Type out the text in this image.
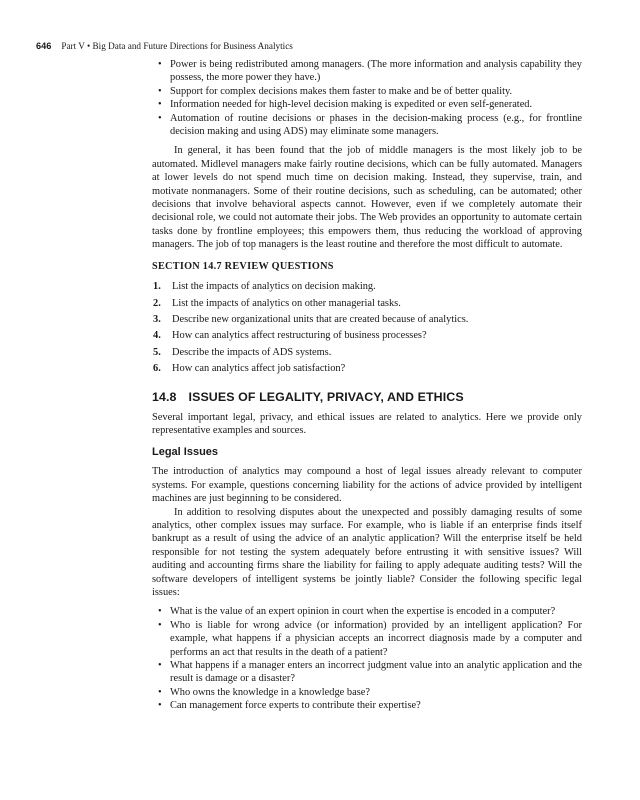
646 Part V • Big Data and Future Directions for Business Analytics
• Power is being redistributed among managers. (The more information and analysis capability they possess, the more power they have.)
• Support for complex decisions makes them faster to make and be of better quality.
• Information needed for high-level decision making is expedited or even self-generated.
• Automation of routine decisions or phases in the decision-making process (e.g., for frontline decision making and using ADS) may eliminate some managers.

In general, it has been found that the job of middle managers is the most likely job to be automated. Midlevel managers make fairly routine decisions, which can be fully automated. Managers at lower levels do not spend much time on decision making. Instead, they supervise, train, and motivate nonmanagers. Some of their routine decisions, such as scheduling, can be automated; other decisions that involve behavioral aspects cannot. However, even if we completely automate their decisional role, we could not automate their jobs. The Web provides an opportunity to automate certain tasks done by frontline employees; this empowers them, thus reducing the workload of approving managers. The job of top managers is the least routine and therefore the most difficult to automate.

SECTION 14.7 REVIEW QUESTIONS
1. List the impacts of analytics on decision making.
2. List the impacts of analytics on other managerial tasks.
3. Describe new organizational units that are created because of analytics.
4. How can analytics affect restructuring of business processes?
5. Describe the impacts of ADS systems.
6. How can analytics affect job satisfaction?
14.8 ISSUES OF LEGALITY, PRIVACY, AND ETHICS

Several important legal, privacy, and ethical issues are related to analytics. Here we provide only representative examples and sources.

Legal Issues

The introduction of analytics may compound a host of legal issues already relevant to computer systems. For example, questions concerning liability for the actions of advice provided by intelligent machines are just beginning to be considered.

In addition to resolving disputes about the unexpected and possibly damaging results of some analytics, other complex issues may surface. For example, who is liable if an enterprise finds itself bankrupt as a result of using the advice of an analytic application? Will the enterprise itself be held responsible for not testing the system adequately before entrusting it with sensitive issues? Will auditing and accounting firms share the liability for failing to apply adequate auditing tests? Will the software developers of intelligent systems be jointly liable? Consider the following specific legal issues:

• What is the value of an expert opinion in court when the expertise is encoded in a computer?
• Who is liable for wrong advice (or information) provided by an intelligent application? For example, what happens if a physician accepts an incorrect diagnosis made by a computer and performs an act that results in the death of a patient?
• What happens if a manager enters an incorrect judgment value into an analytic application and the result is damage or a disaster?
• Who owns the knowledge in a knowledge base?
• Can management force experts to contribute their expertise?
